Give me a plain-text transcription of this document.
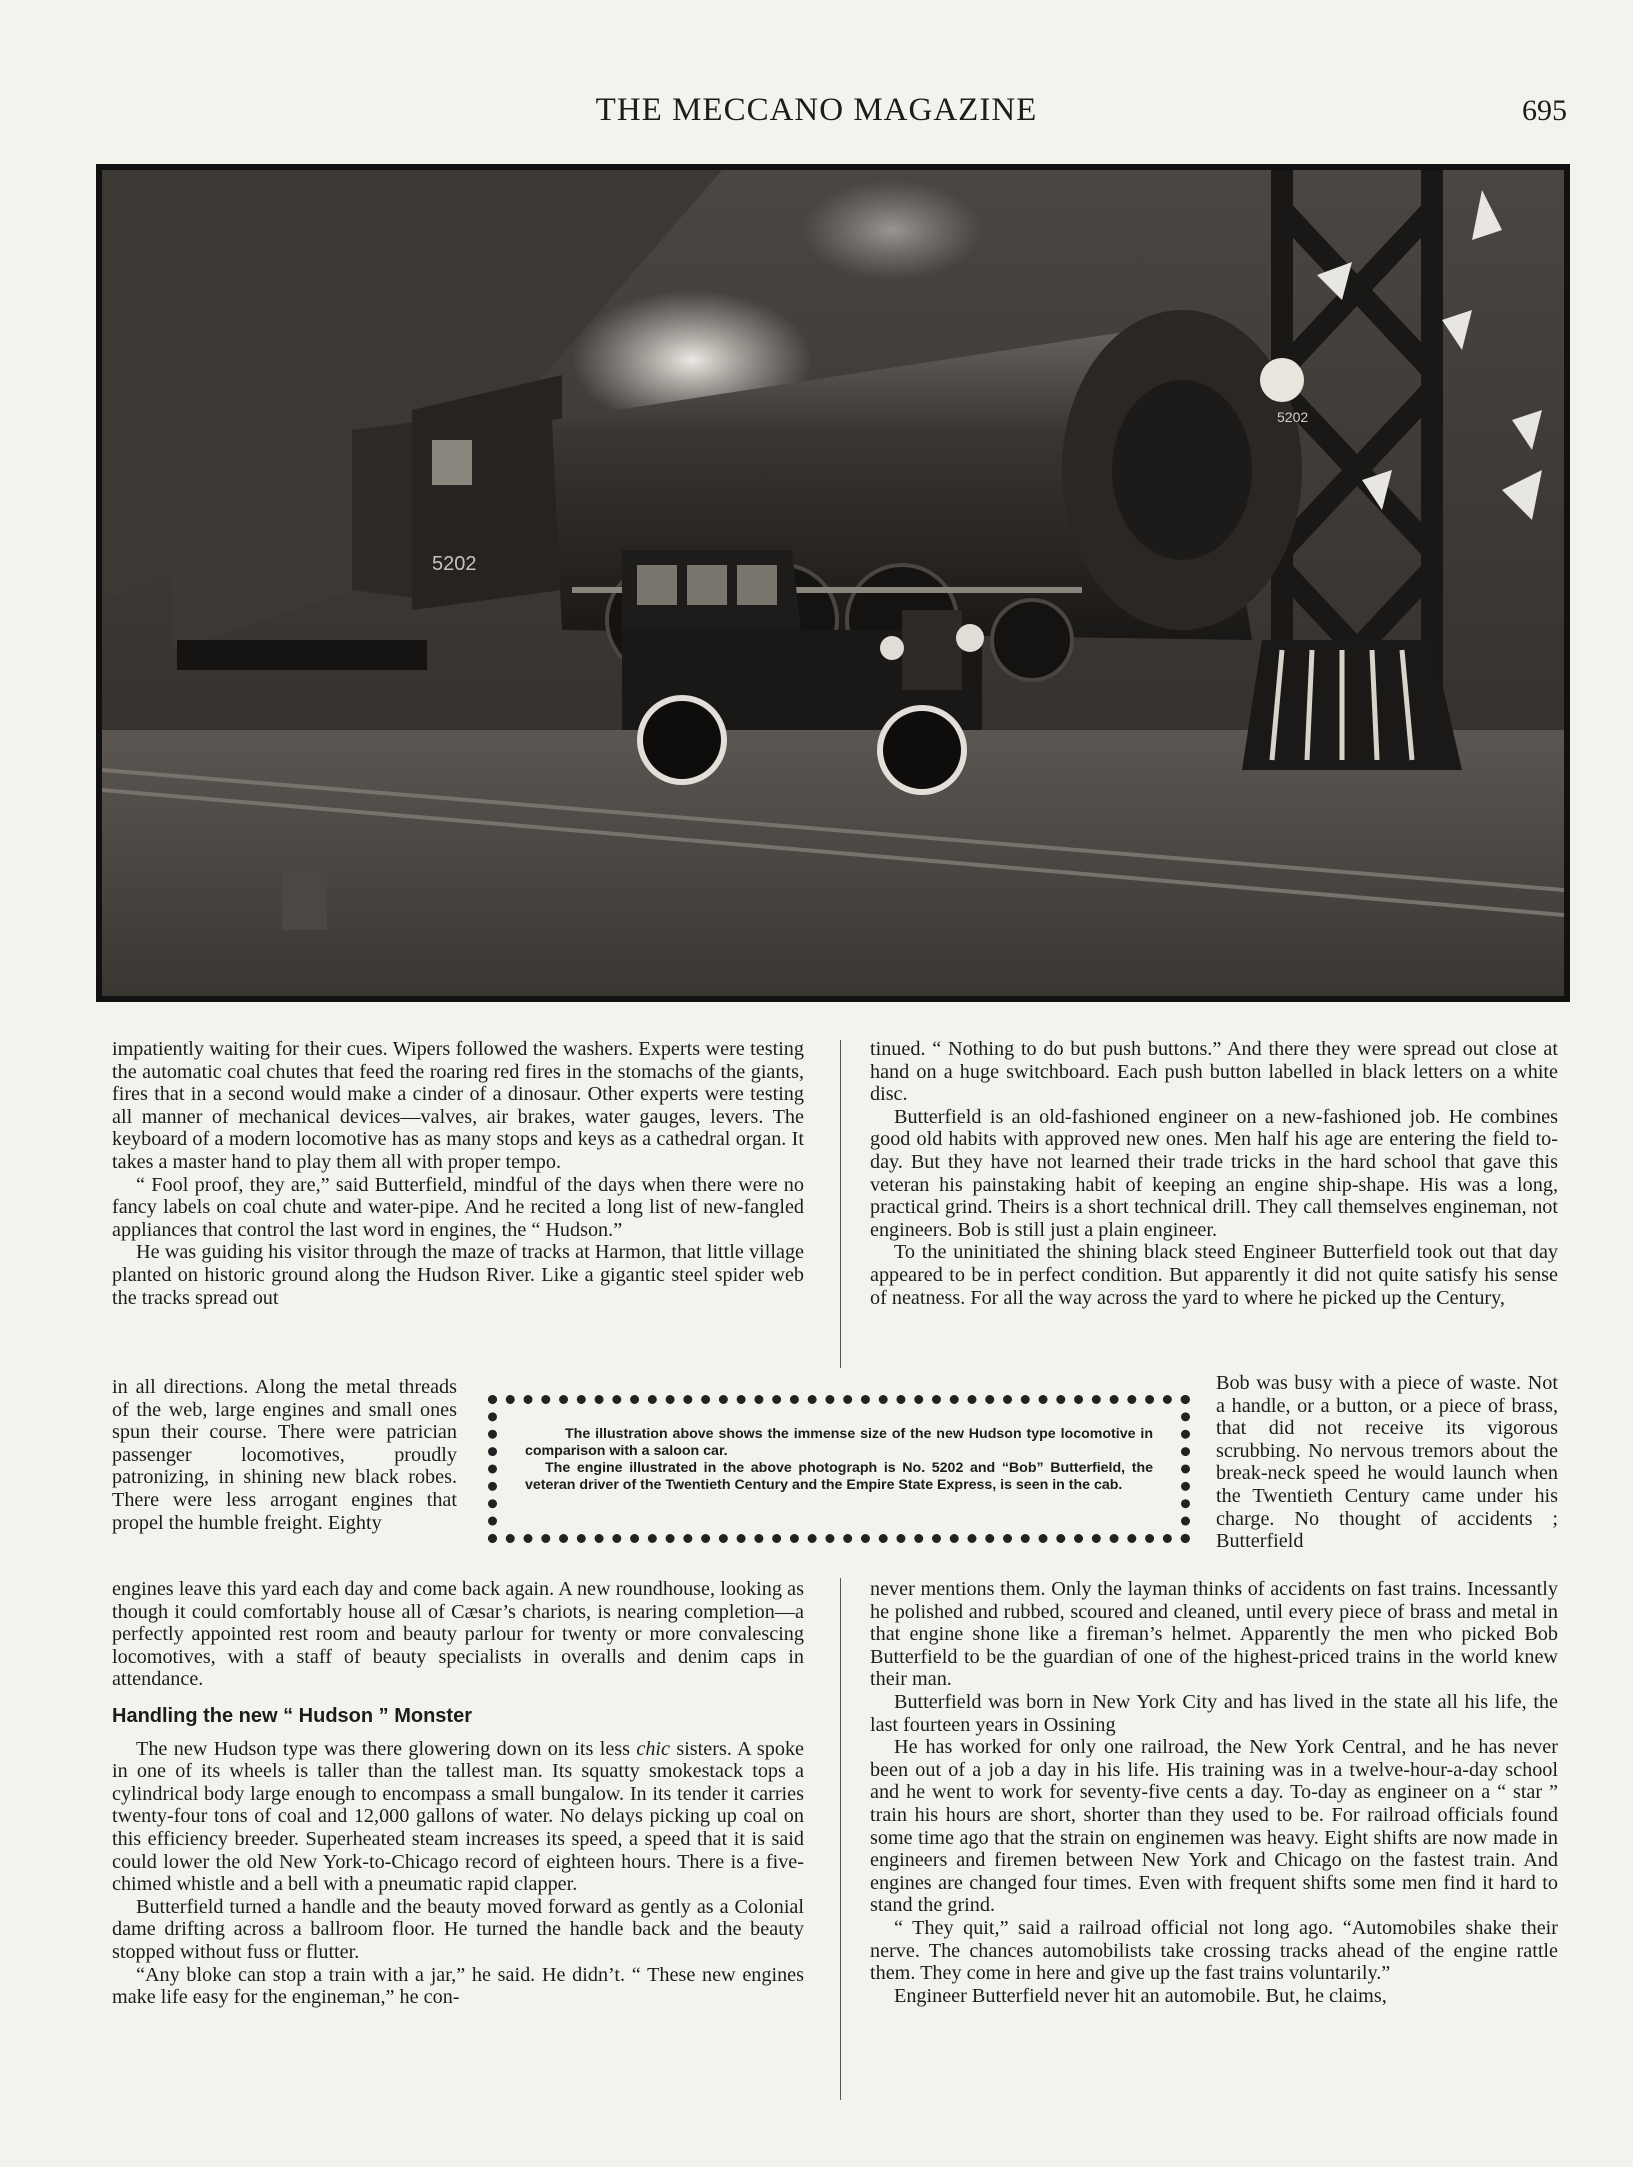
THE MECCANO MAGAZINE	695
5202
5202

impatiently waiting for their cues. Wipers followed the washers. Experts were testing the automatic coal chutes that feed the roaring red fires in the stomachs of the giants, fires that in a second would make a cinder of a dinosaur. Other experts were testing all manner of mechanical devices—valves, air brakes, water gauges, levers. The keyboard of a modern locomotive has as many stops and keys as a cathedral organ. It takes a master hand to play them all with proper tempo.

“ Fool proof, they are,” said Butterfield, mindful of the days when there were no fancy labels on coal chute and water-pipe. And he recited a long list of new-fangled appliances that control the last word in engines, the “ Hudson.”

He was guiding his visitor through the maze of tracks at Harmon, that little village planted on historic ground along the Hudson River. Like a gigantic steel spider web the tracks spread out

in all directions. Along the metal threads of the web, large engines and small ones spun their course. There were patrician passenger locomotives, proudly patronizing, in shining new black robes. There were less arrogant engines that propel the humble freight. Eighty

The illustration above shows the immense size of the new Hudson type locomotive in comparison with a saloon car.

The engine illustrated in the above photograph is No. 5202 and “Bob” Butterfield, the veteran driver of the Twentieth Century and the Empire State Express, is seen in the cab.

tinued. “ Nothing to do but push buttons.” And there they were spread out close at hand on a huge switchboard. Each push button labelled in black letters on a white disc.

Butterfield is an old-fashioned engineer on a new-fashioned job. He combines good old habits with approved new ones. Men half his age are entering the field to-day. But they have not learned their trade tricks in the hard school that gave this veteran his painstaking habit of keeping an engine ship-shape. His was a long, practical grind. Theirs is a short technical drill. They call themselves engineman, not engineers. Bob is still just a plain engineer.

To the uninitiated the shining black steed Engineer Butterfield took out that day appeared to be in perfect condition. But apparently it did not quite satisfy his sense of neatness. For all the way across the yard to where he picked up the Century,

Bob was busy with a piece of waste. Not a handle, or a button, or a piece of brass, that did not receive its vigorous scrubbing. No nervous tremors about the break-neck speed he would launch when the Twentieth Century came under his charge. No thought of accidents ; Butterfield

engines leave this yard each day and come back again. A new roundhouse, looking as though it could comfortably house all of Cæsar’s chariots, is nearing completion—a perfectly appointed rest room and beauty parlour for twenty or more convalescing locomotives, with a staff of beauty specialists in overalls and denim caps in attendance.

Handling the new “ Hudson ” Monster

The new Hudson type was there glowering down on its less chic sisters. A spoke in one of its wheels is taller than the tallest man. Its squatty smokestack tops a cylindrical body large enough to encompass a small bungalow. In its tender it carries twenty-four tons of coal and 12,000 gallons of water. No delays picking up coal on this efficiency breeder. Superheated steam increases its speed, a speed that it is said could lower the old New York-to-Chicago record of eighteen hours. There is a five-chimed whistle and a bell with a pneumatic rapid clapper.

Butterfield turned a handle and the beauty moved forward as gently as a Colonial dame drifting across a ballroom floor. He turned the handle back and the beauty stopped without fuss or flutter.

“Any bloke can stop a train with a jar,” he said. He didn’t. “ These new engines make life easy for the engineman,” he con-

never mentions them. Only the layman thinks of accidents on fast trains. Incessantly he polished and rubbed, scoured and cleaned, until every piece of brass and metal in that engine shone like a fireman’s helmet. Apparently the men who picked Bob Butterfield to be the guardian of one of the highest-priced trains in the world knew their man.

Butterfield was born in New York City and has lived in the state all his life, the last fourteen years in Ossining

He has worked for only one railroad, the New York Central, and he has never been out of a job a day in his life. His training was in a twelve-hour-a-day school and he went to work for seventy-five cents a day. To-day as engineer on a “ star ” train his hours are short, shorter than they used to be. For railroad officials found some time ago that the strain on enginemen was heavy. Eight shifts are now made in engineers and firemen between New York and Chicago on the fastest train. And engines are changed four times. Even with frequent shifts some men find it hard to stand the grind.

“ They quit,” said a railroad official not long ago. “Automobiles shake their nerve. The chances automobilists take crossing tracks ahead of the engine rattle them. They come in here and give up the fast trains voluntarily.”

Engineer Butterfield never hit an automobile. But, he claims,
